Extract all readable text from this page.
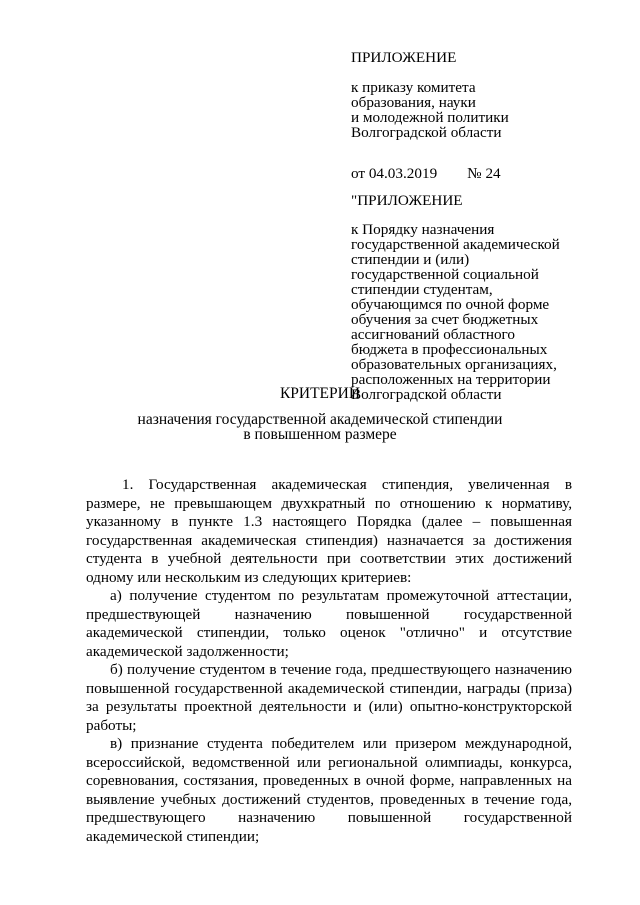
ПРИЛОЖЕНИЕ

к приказу комитета
образования, науки
и молодежной политики
Волгоградской области

от 04.03.2019 № 24

"ПРИЛОЖЕНИЕ

к Порядку назначения
государственной академической
стипендии и (или)
государственной социальной
стипендии студентам,
обучающимся по очной форме
обучения за счет бюджетных
ассигнований областного
бюджета в профессиональных
образовательных организациях,
расположенных на территории
Волгоградской области

КРИТЕРИИ
назначения государственной академической стипендии
в повышенном размере

1. Государственная академическая стипендия, увеличенная в размере, не превышающем двухкратный по отношению к нормативу, указанному в пункте 1.3 настоящего Порядка (далее – повышенная государственная академическая стипендия) назначается за достижения студента в учебной деятельности при соответствии этих достижений одному или нескольким из следующих критериев:

а) получение студентом по результатам промежуточной аттестации, предшествующей назначению повышенной государственной академической стипендии, только оценок "отлично" и отсутствие академической задолженности;

б) получение студентом в течение года, предшествующего назначению повышенной государственной академической стипендии, награды (приза) за результаты проектной деятельности и (или) опытно-конструкторской работы;

в) признание студента победителем или призером международной, всероссийской, ведомственной или региональной олимпиады, конкурса, соревнования, состязания, проведенных в очной форме, направленных на выявление учебных достижений студентов, проведенных в течение года, предшествующего назначению повышенной государственной академической стипендии;
